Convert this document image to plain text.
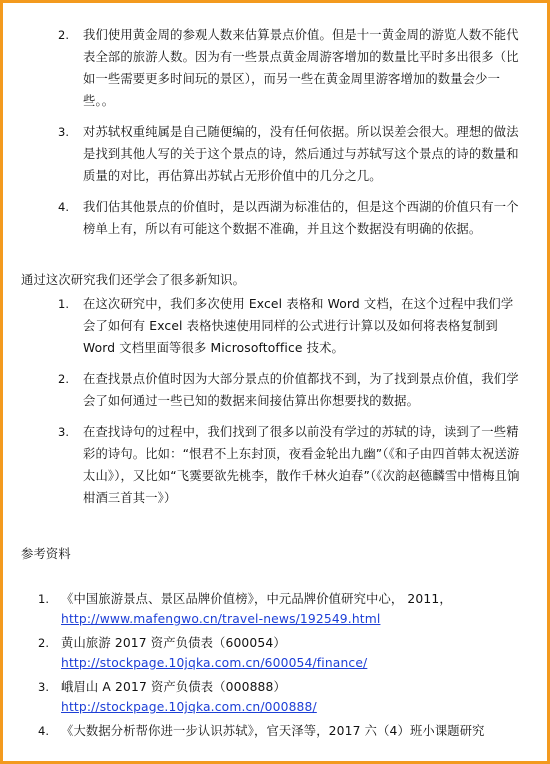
2. 我们使用黄金周的参观人数来估算景点价值。但是十一黄金周的游览人数不能代表全部的旅游人数。因为有一些景点黄金周游客增加的数量比平时多出很多（比如一些需要更多时间玩的景区），而另一些在黄金周里游客增加的数量会少一些。。
3. 对苏轼权重纯属是自己随便编的，没有任何依据。所以误差会很大。理想的做法是找到其他人写的关于这个景点的诗，然后通过与苏轼写这个景点的诗的数量和质量的对比，再估算出苏轼占无形价值中的几分之几。
4. 我们估其他景点的价值时，是以西湖为标准估的，但是这个西湖的价值只有一个榜单上有，所以有可能这个数据不准确，并且这个数据没有明确的依据。
通过这次研究我们还学会了很多新知识。
1. 在这次研究中，我们多次使用 Excel 表格和 Word 文档，在这个过程中我们学会了如何有 Excel 表格快速使用同样的公式进行计算以及如何将表格复制到 Word 文档里面等很多 Microsoftoffice 技术。
2. 在查找景点价值时因为大部分景点的价值都找不到，为了找到景点价值，我们学会了如何通过一些已知的数据来间接估算出你想要找的数据。
3. 在查找诗句的过程中，我们找到了很多以前没有学过的苏轼的诗，读到了一些精彩的诗句。比如：“恨君不上东封顶，夜看金轮出九幽”（《和子由四首韩太祝送游太山》），又比如“飞霙要欲先桃李，散作千林火迫春”（《次韵赵德麟雪中惜梅且饷柑酒三首其一》）
参考资料
1. 《中国旅游景点、景区品牌价值榜》，中元品牌价值研究中心， 2011，
http://www.mafengwo.cn/travel-news/192549.html
2. 黄山旅游 2017 资产负债表（600054）
http://stockpage.10jqka.com.cn/600054/finance/
3. 峨眉山 A 2017 资产负债表（000888） http://stockpage.10jqka.com.cn/000888/
4. 《大数据分析帮你进一步认识苏轼》，官天泽等，2017 六（4）班小课题研究
